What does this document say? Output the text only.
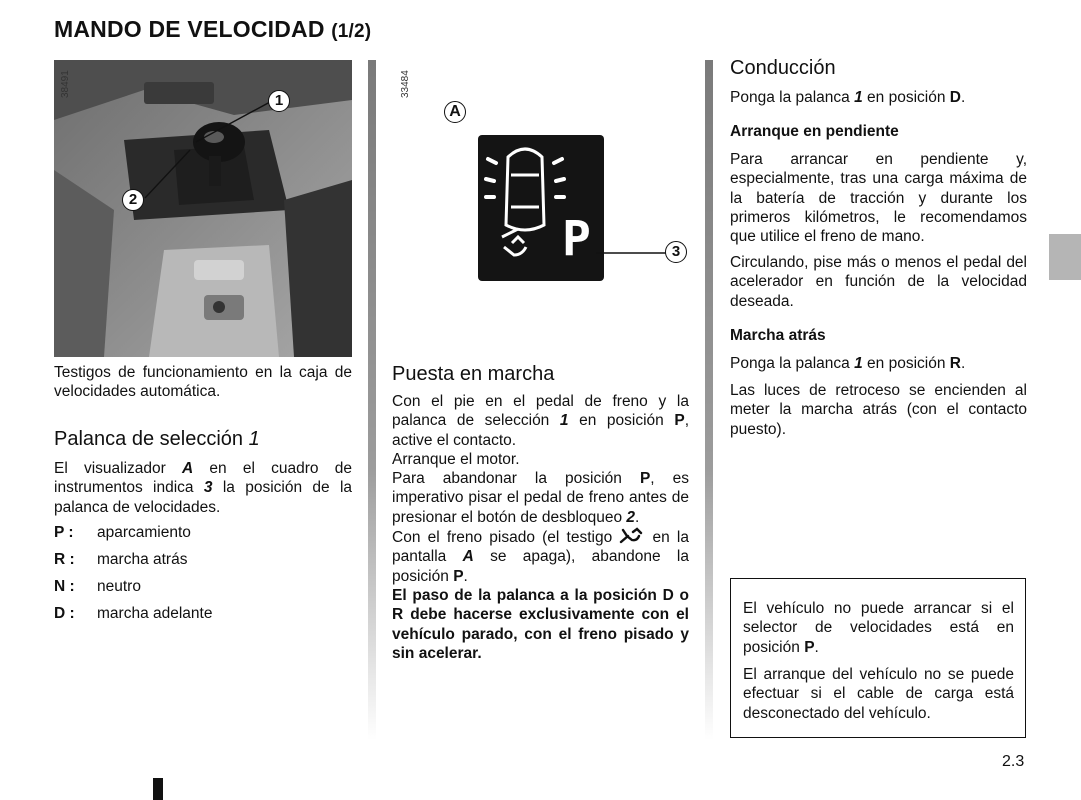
MANDO DE VELOCIDAD (1/2)
38491
1
2
Testigos de funcionamiento en la caja de velocidades automática.
Palanca de selección 1
El visualizador A en el cuadro de instrumentos indica 3 la posición de la palanca de velocidades.
P : aparcamiento
R : marcha atrás
N : neutro
D : marcha adelante
33484
A
P	3
Puesta en marcha
Con el pie en el pedal de freno y la palanca de selección 1 en posición P, active el contacto.
Arranque el motor.
Para abandonar la posición P, es imperativo pisar el pedal de freno antes de presionar el botón de desbloqueo 2.
Con el freno pisado (el testigo  en la pantalla A se apaga), abandone la posición P.
El paso de la palanca a la posición D o R debe hacerse exclusivamente con el vehículo parado, con el freno pisado y sin acelerar.
Conducción
Ponga la palanca 1 en posición D.
Arranque en pendiente
Para arrancar en pendiente y, especialmente, tras una carga máxima de la batería de tracción y durante los primeros kilómetros, le recomendamos que utilice el freno de mano.
Circulando, pise más o menos el pedal del acelerador en función de la velocidad deseada.
Marcha atrás
Ponga la palanca 1 en posición R.
Las luces de retroceso se encienden al meter la marcha atrás (con el contacto puesto).
El vehículo no puede arrancar si el selector de velocidades está en posición P.
El arranque del vehículo no se puede efectuar si el cable de carga está desconectado del vehículo.
2.3
